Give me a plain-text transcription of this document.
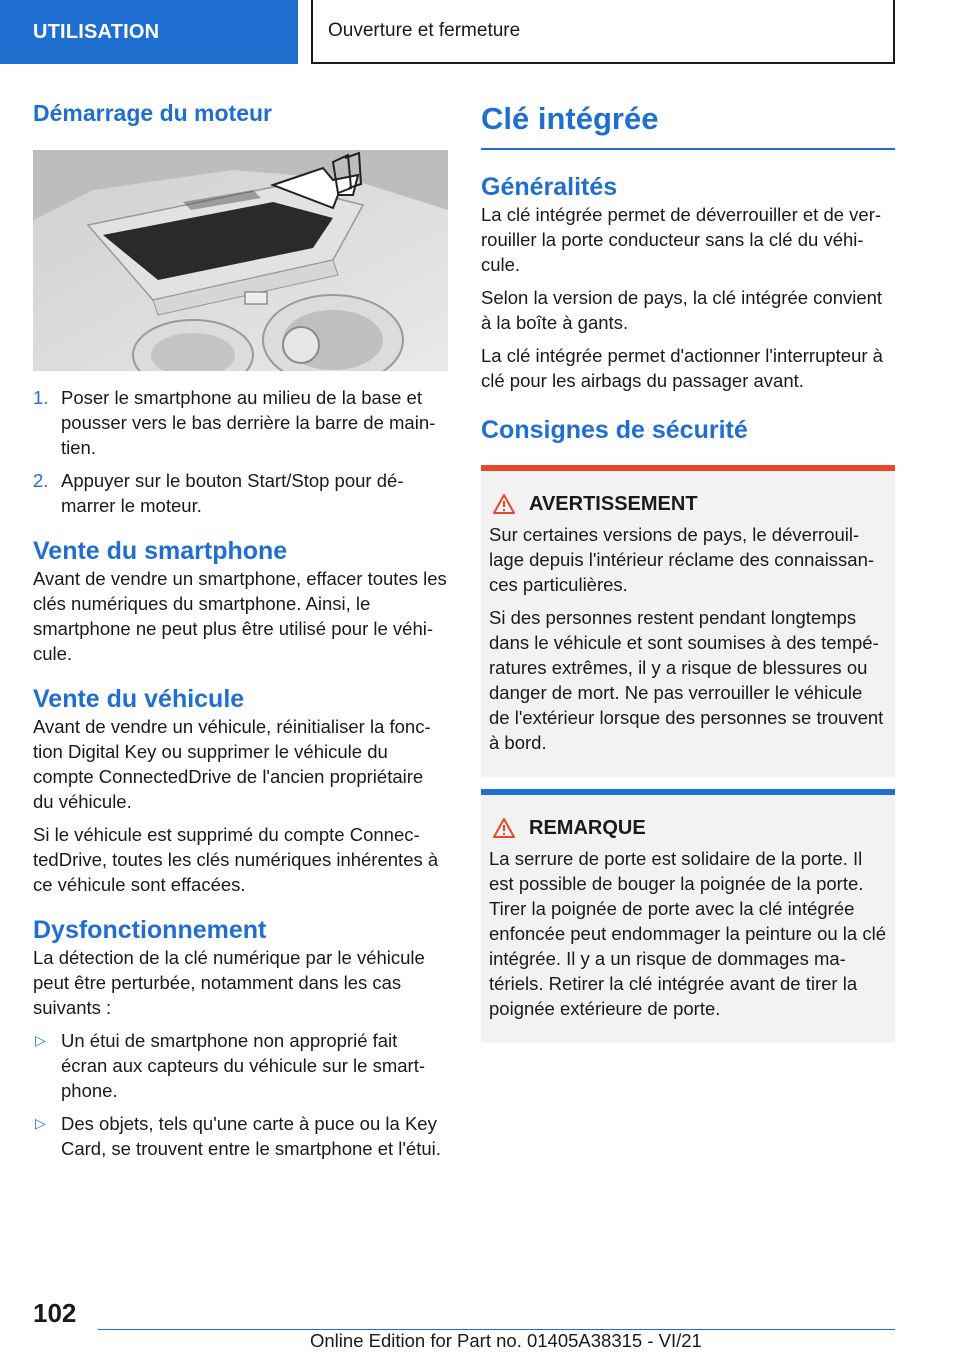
UTILISATION	Ouverture et fermeture
Démarrage du moteur
1. Poser le smartphone au milieu de la base et pousser vers le bas derrière la barre de maintien.
2. Appuyer sur le bouton Start/Stop pour démarrer le moteur.
Vente du smartphone

Avant de vendre un smartphone, effacer toutes les clés numériques du smartphone. Ainsi, le smartphone ne peut plus être utilisé pour le véhicule.

Vente du véhicule

Avant de vendre un véhicule, réinitialiser la fonction Digital Key ou supprimer le véhicule du compte ConnectedDrive de l'ancien propriétaire du véhicule.

Si le véhicule est supprimé du compte ConnectedDrive, toutes les clés numériques inhérentes à ce véhicule sont effacées.

Dysfonctionnement

La détection de la clé numérique par le véhicule peut être perturbée, notamment dans les cas suivants :

▷ Un étui de smartphone non approprié fait écran aux capteurs du véhicule sur le smartphone.
▷ Des objets, tels qu'une carte à puce ou la Key Card, se trouvent entre le smartphone et l'étui.
Clé intégrée
Généralités

La clé intégrée permet de déverrouiller et de verrouiller la porte conducteur sans la clé du véhicule.

Selon la version de pays, la clé intégrée convient à la boîte à gants.

La clé intégrée permet d'actionner l'interrupteur à clé pour les airbags du passager avant.

Consignes de sécurité
AVERTISSEMENT

Sur certaines versions de pays, le déverrouillage depuis l'intérieur réclame des connaissances particulières.

Si des personnes restent pendant longtemps dans le véhicule et sont soumises à des températures extrêmes, il y a risque de blessures ou danger de mort. Ne pas verrouiller le véhicule de l'extérieur lorsque des personnes se trouvent à bord.

REMARQUE

La serrure de porte est solidaire de la porte. Il est possible de bouger la poignée de la porte. Tirer la poignée de porte avec la clé intégrée enfoncée peut endommager la peinture ou la clé intégrée. Il y a un risque de dommages matériels. Retirer la clé intégrée avant de tirer la poignée extérieure de porte.

102
Online Edition for Part no. 01405A38315 - VI/21
